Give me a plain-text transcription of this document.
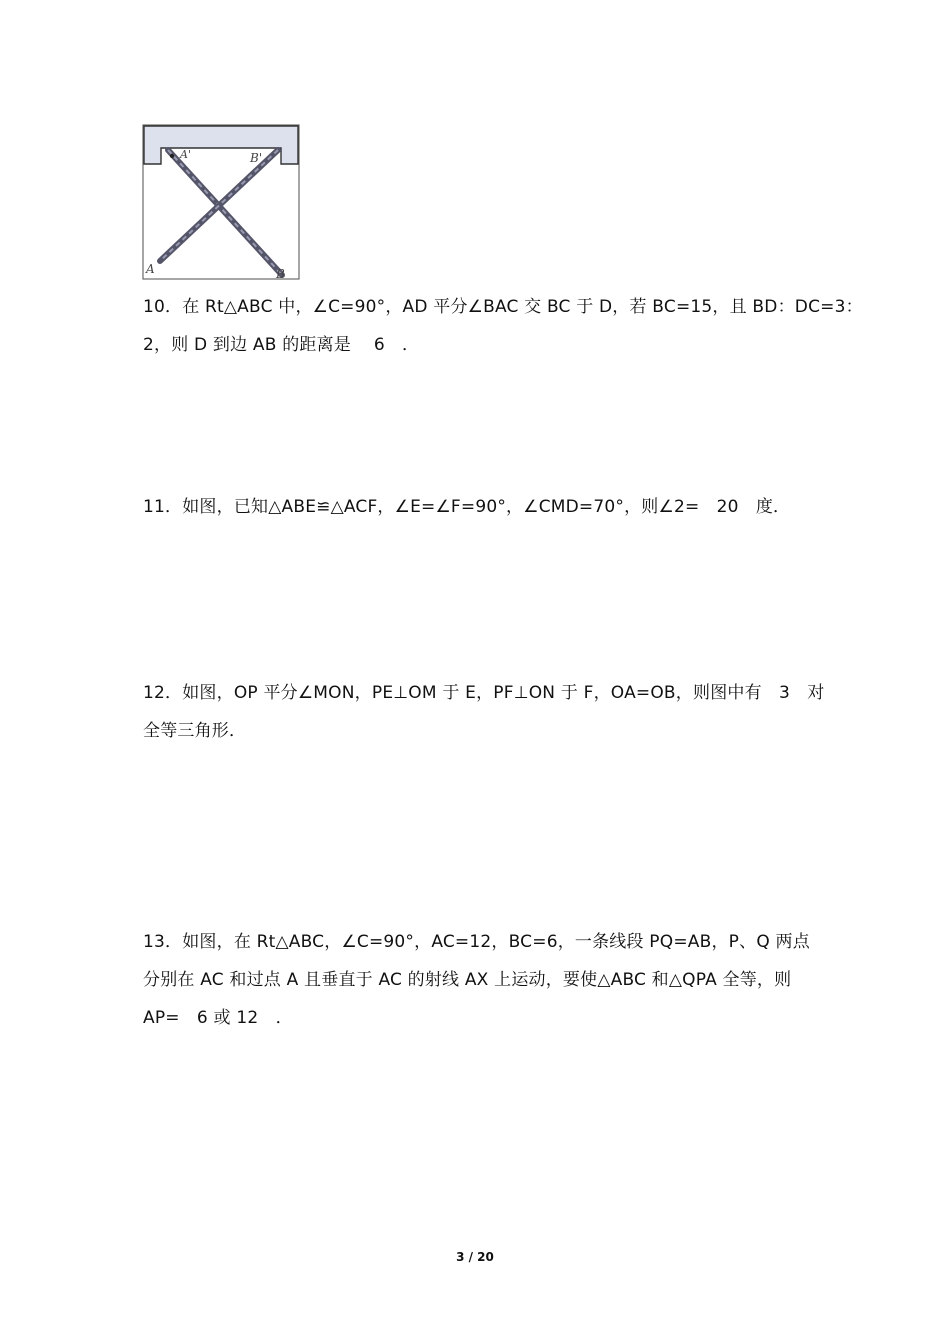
A'	B'
A	B
10．在 Rt△ABC 中，∠C=90°，AD 平分∠BAC 交 BC 于 D，若 BC=15，且 BD：DC=3：
2，则 D 到边 AB 的距离是　 6　．
11．如图，已知△ABE≌△ACF，∠E=∠F=90°，∠CMD=70°，则∠2=　20　度．
12．如图，OP 平分∠MON，PE⊥OM 于 E，PF⊥ON 于 F，OA=OB，则图中有　3　对
全等三角形．
13．如图，在 Rt△ABC，∠C=90°，AC=12，BC=6，一条线段 PQ=AB，P、Q 两点
分别在 AC 和过点 A 且垂直于 AC 的射线 AX 上运动，要使△ABC 和△QPA 全等，则
AP=　6 或 12　．
3 / 20
